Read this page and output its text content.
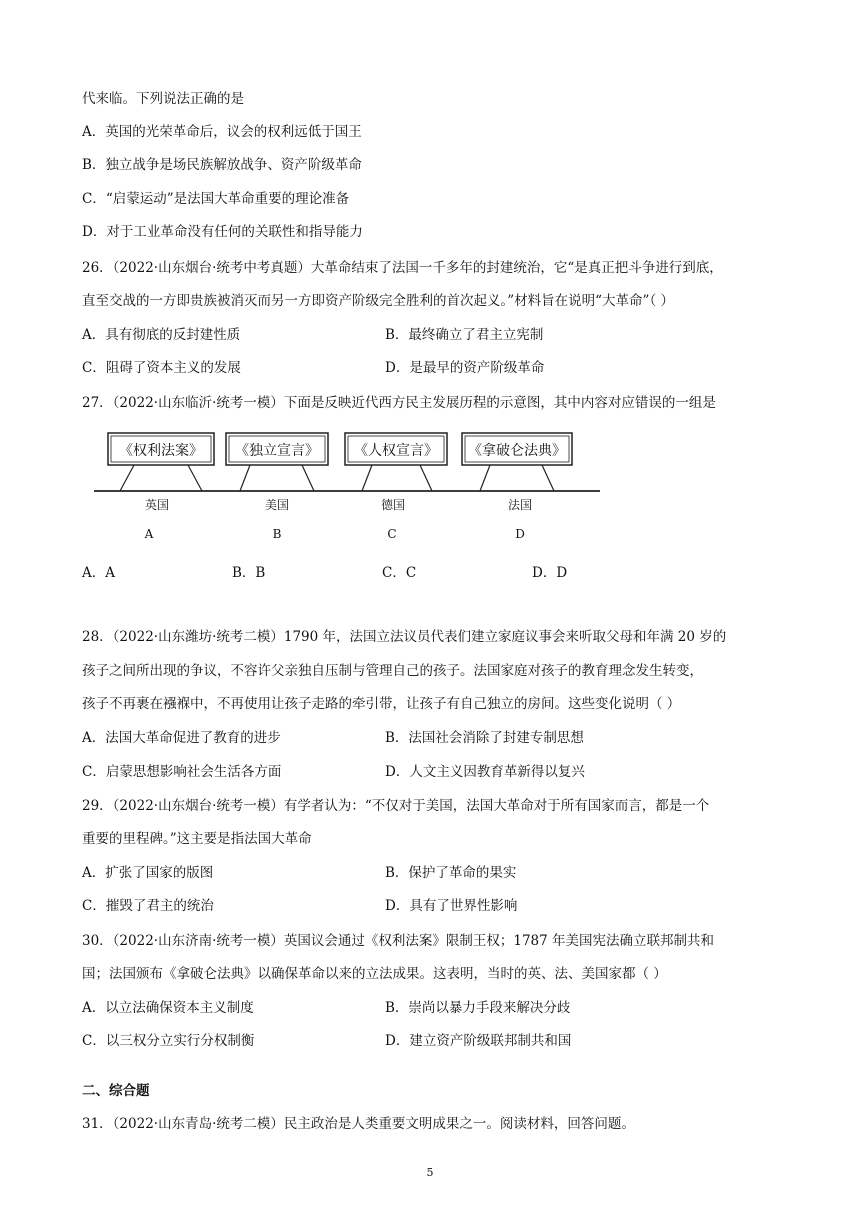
代来临。下列说法正确的是
A．英国的光荣革命后，议会的权利远低于国王
B．独立战争是场民族解放战争、资产阶级革命
C．“启蒙运动”是法国大革命重要的理论准备
D．对于工业革命没有任何的关联性和指导能力
26．（2022·山东烟台·统考中考真题）大革命结束了法国一千多年的封建统治，它“是真正把斗争进行到底，
直至交战的一方即贵族被消灭而另一方即资产阶级完全胜利的首次起义。”材料旨在说明“大革命”（ ）
A．具有彻底的反封建性质	B．最终确立了君主立宪制
C．阻碍了资本主义的发展	D．是最早的资产阶级革命
27．（2022·山东临沂·统考一模）下面是反映近代西方民主发展历程的示意图，其中内容对应错误的一组是
《权利法案》 《独立宣言》	《人权宣言》 《拿破仑法典》
英国	美国	德国	法国
A	B	C	D
A．A	B．B	C．C	D．D
28．（2022·山东潍坊·统考二模）1790 年，法国立法议员代表们建立家庭议事会来听取父母和年满 20 岁的
孩子之间所出现的争议，不容许父亲独自压制与管理自己的孩子。法国家庭对孩子的教育理念发生转变，
孩子不再裹在襁褓中，不再使用让孩子走路的牵引带，让孩子有自己独立的房间。这些变化说明（ ）
A．法国大革命促进了教育的进步	B．法国社会消除了封建专制思想
C．启蒙思想影响社会生活各方面	D．人文主义因教育革新得以复兴
29．（2022·山东烟台·统考一模）有学者认为：“不仅对于美国，法国大革命对于所有国家而言，都是一个
重要的里程碑。”这主要是指法国大革命
A．扩张了国家的版图	B．保护了革命的果实
C．摧毁了君主的统治	D．具有了世界性影响
30．（2022·山东济南·统考一模）英国议会通过《权利法案》限制王权；1787 年美国宪法确立联邦制共和
国；法国颁布《拿破仑法典》以确保革命以来的立法成果。这表明，当时的英、法、美国家都（ ）
A．以立法确保资本主义制度	B．崇尚以暴力手段来解决分歧
C．以三权分立实行分权制衡	D．建立资产阶级联邦制共和国
二、综合题
31．（2022·山东青岛·统考二模）民主政治是人类重要文明成果之一。阅读材料，回答问题。
5
